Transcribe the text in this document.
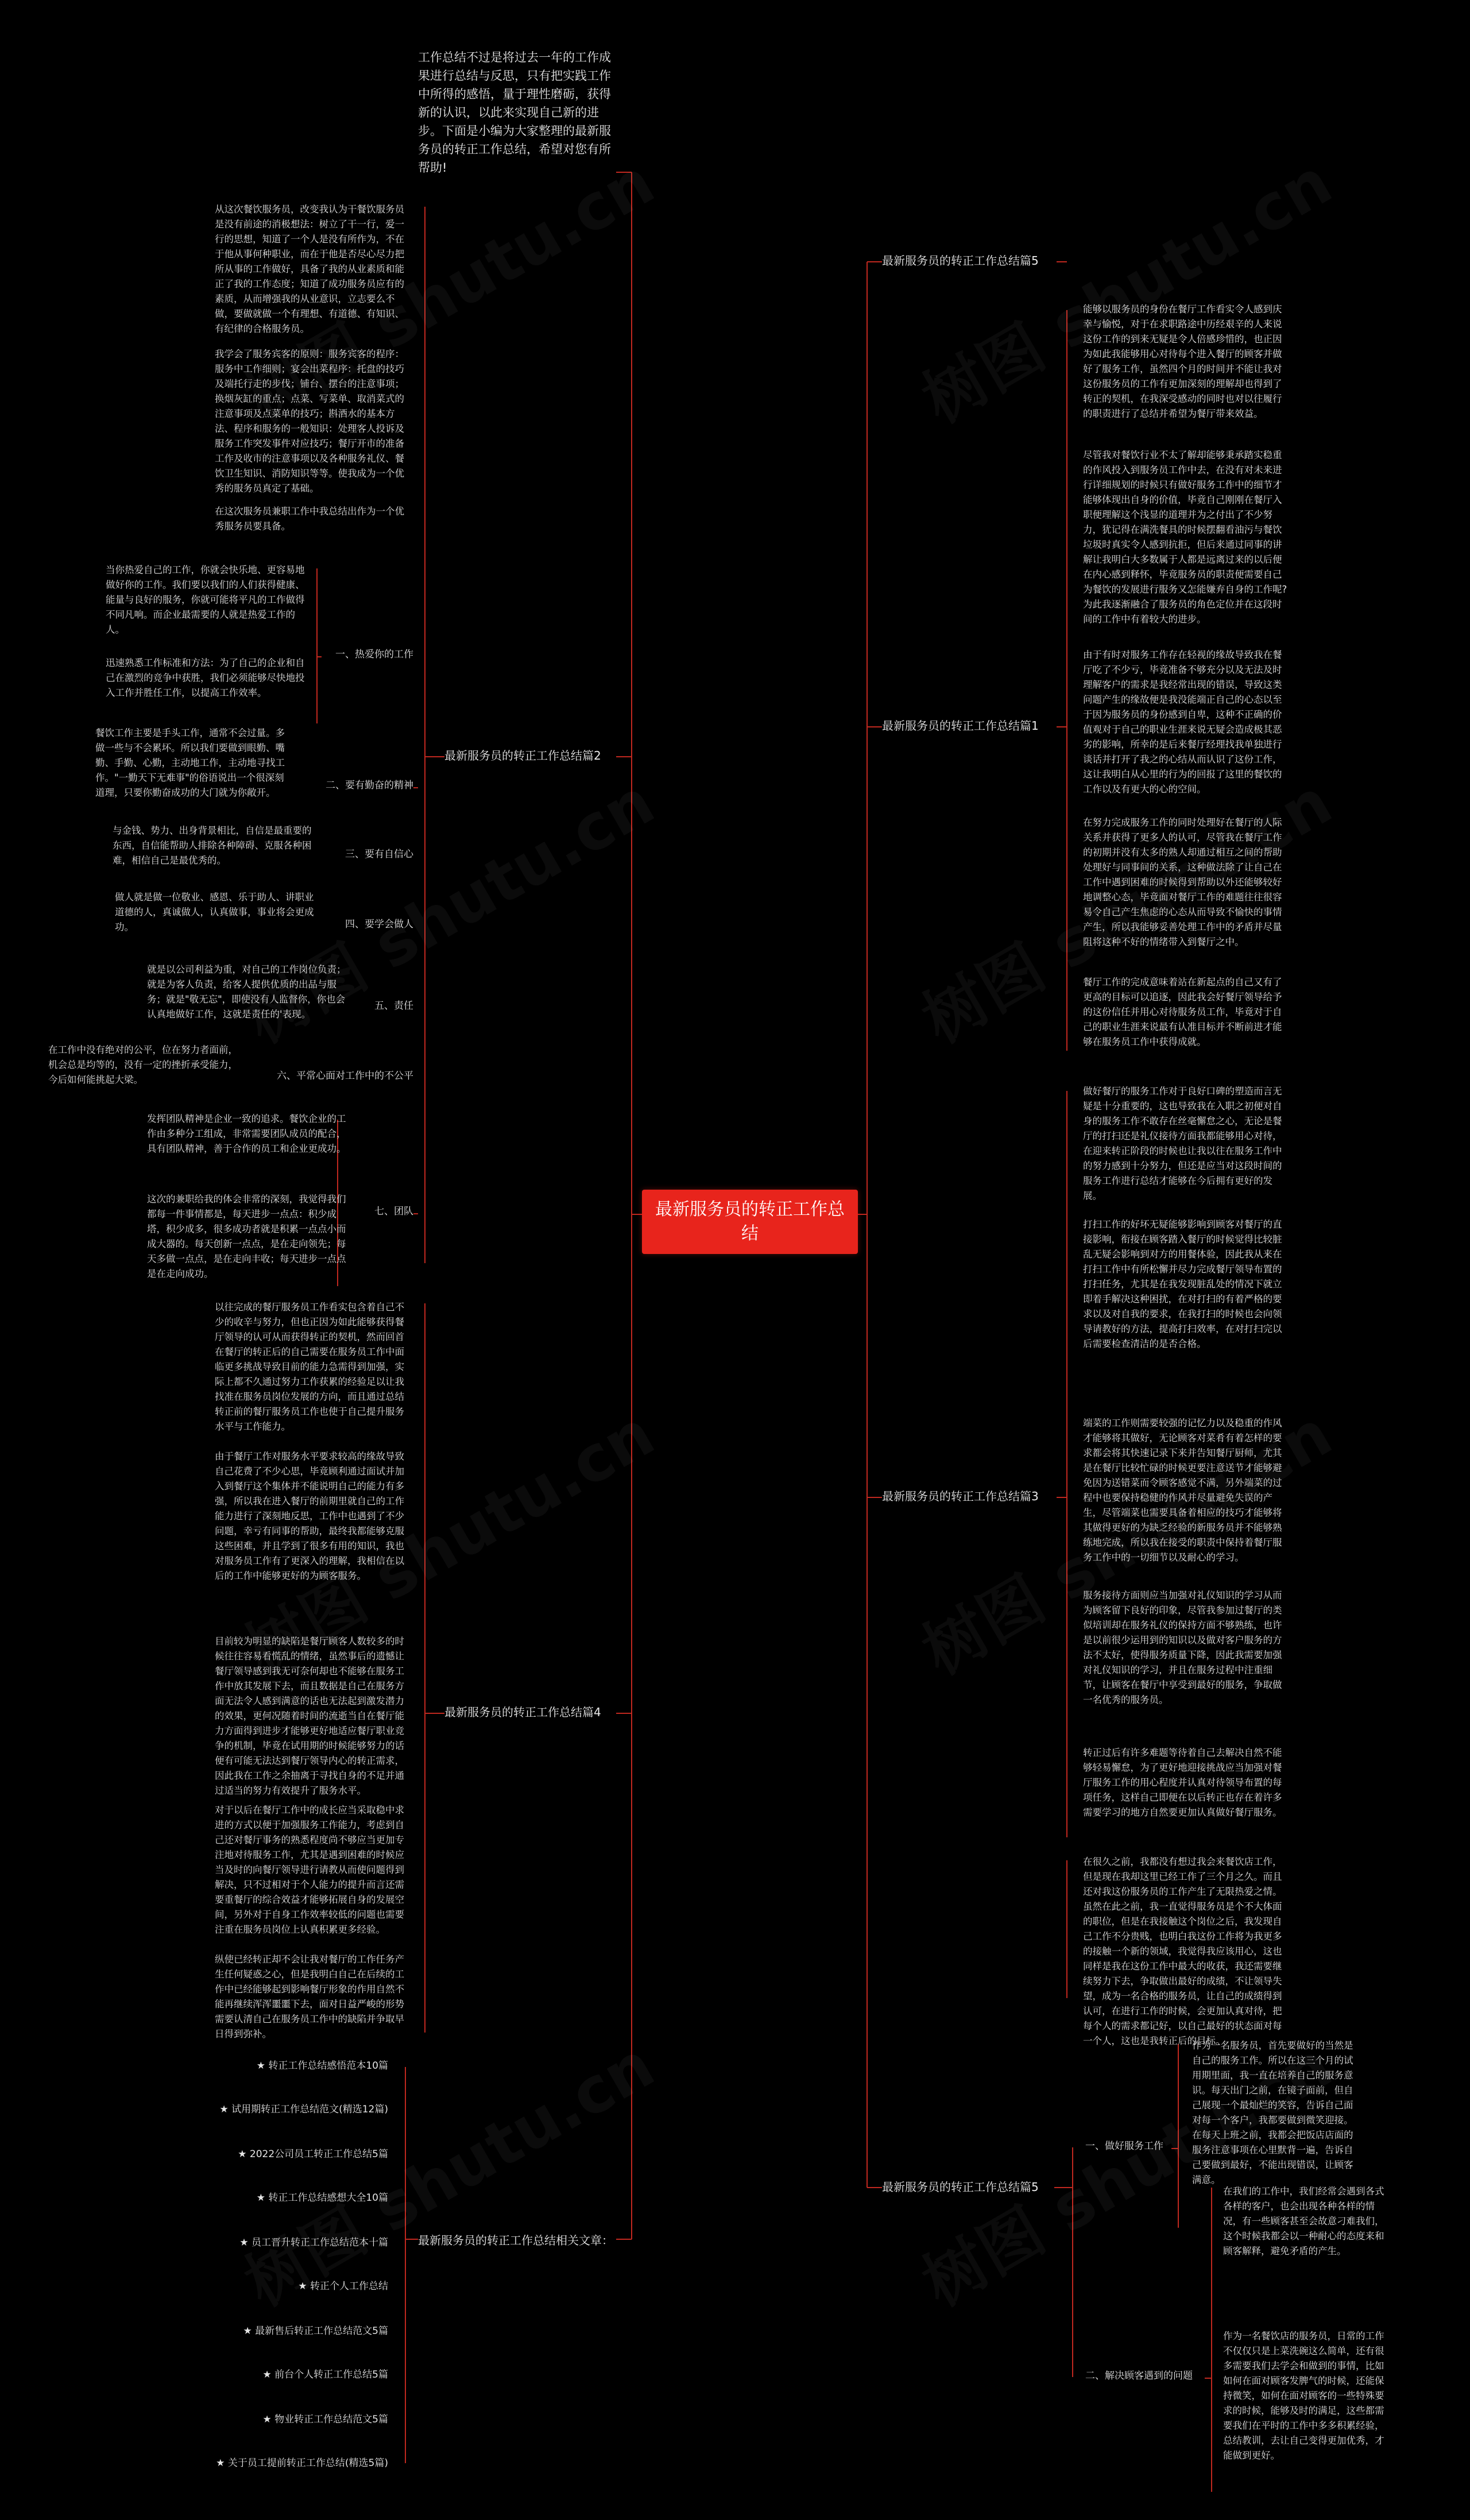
最新服务员的转正工作总结
工作总结不过是将过去一年的工作成果进行总结与反思，只有把实践工作中所得的感悟，量于理性磨砺，获得新的认识，以此来实现自己新的进步。下面是小编为大家整理的最新服务员的转正工作总结，希望对您有所帮助!
最新服务员的转正工作总结篇5
能够以服务员的身份在餐厅工作看实令人感到庆幸与愉悦，对于在求职路途中历经艰辛的人来说这份工作的到来无疑是令人倍感珍惜的，也正因为如此我能够用心对待每个进入餐厅的顾客并做好了服务工作，虽然四个月的时间并不能让我对这份服务员的工作有更加深刻的理解却也得到了转正的契机，在我深受感动的同时也对以往履行的职责进行了总结并希望为餐厅带来效益。
尽管我对餐饮行业不太了解却能够秉承踏实稳重的作风投入到服务员工作中去，在没有对未来进行详细规划的时候只有做好服务工作中的细节才能够体现出自身的价值，毕竟自己刚刚在餐厅入职便理解这个浅显的道理并为之付出了不少努力，犹记得在满洗餐具的时候摆翻看油污与餐饮垃圾时真实令人感到抗拒，但后来通过同事的讲解让我明白大多数属于人都是远离过来的以后便在内心感到释怀，毕竟服务员的职责便需要自己为餐饮的发展进行服务又怎能嫌弃自身的工作呢?为此我逐渐融合了服务员的角色定位并在这段时间的工作中有着较大的进步。
由于有时对服务工作存在轻视的缘故导致我在餐厅吃了不少亏，毕竟准备不够充分以及无法及时理解客户的需求是我经常出现的错误，导致这类问题产生的缘故便是我没能端正自己的心态以至于因为服务员的身份感到自卑，这种不正确的价值观对于自己的职业生涯来说无疑会造成极其恶劣的影响，所幸的是后来餐厅经理找我单独进行谈话并打开了我之的心结从而认识了这份工作，这让我明白从心里的行为的回报了这里的餐饮的工作以及有更大的心的空间。
在努力完成服务工作的同时处理好在餐厅的人际关系并获得了更多人的认可，尽管我在餐厅工作的初期并没有太多的熟人却通过相互之间的帮助处理好与同事间的关系，这种做法除了让自己在工作中遇到困难的时候得到帮助以外还能够较好地调整心态，毕竟面对餐厅工作的难题往往很容易令自己产生焦虑的心态从而导致不愉快的事情产生，所以我能够妥善处理工作中的矛盾并尽量阻将这种不好的情绪带入到餐厅之中。
餐厅工作的完成意味着站在新起点的自己又有了更高的目标可以追逐，因此我会好餐厅领导给予的这份信任并用心对待服务员工作，毕竟对于自己的职业生涯来说最有认准目标并不断前进才能够在服务员工作中获得成就。
最新服务员的转正工作总结篇1
做好餐厅的服务工作对于良好口碑的塑造而言无疑是十分重要的，这也导致我在入职之初便对自身的服务工作不敢存在丝毫懈怠之心，无论是餐厅的打扫还是礼仪接待方面我都能够用心对待，在迎来转正阶段的时候也让我以往在服务工作中的努力感到十分努力，但还是应当对这段时间的服务工作进行总结才能够在今后拥有更好的发展。
打扫工作的好坏无疑能够影响到顾客对餐厅的直接影响，衔接在顾客踏入餐厅的时候觉得比较脏乱无疑会影响到对方的用餐体验，因此我从来在打扫工作中有所松懈并尽力完成餐厅领导布置的打扫任务，尤其是在我发现脏乱处的情况下就立即着手解决这种困扰，在对打扫的有着严格的要求以及对自我的要求，在我打扫的时候也会向领导请教好的方法，提高打扫效率，在对打扫完以后需要检查清洁的是否合格。
端菜的工作则需要较强的记忆力以及稳重的作风才能够将其做好，无论顾客对菜肴有着怎样的要求都会将其快速记录下来并告知餐厅厨师，尤其是在餐厅比较忙碌的时候更要注意送节才能够避免因为送错菜而令顾客感觉不满，另外端菜的过程中也要保持稳健的作风并尽量避免失误的产生，尽管端菜也需要具备着相应的技巧才能够将其做得更好的为缺乏经验的新服务员并不能够熟练地完成，所以我在接受的职责中保持着餐厅服务工作中的一切细节以及耐心的学习。
服务接待方面则应当加强对礼仪知识的学习从而为顾客留下良好的印象，尽管我参加过餐厅的类似培训却在服务礼仪的保持方面不够熟练，也许是以前很少运用到的知识以及做对客户服务的方法不太好，使得服务质量下降，因此我需要加强对礼仪知识的学习，并且在服务过程中注重细节，让顾客在餐厅中享受到最好的服务，争取做一名优秀的服务员。
转正过后有许多难题等待着自己去解决自然不能够轻易懈怠，为了更好地迎接挑战应当加强对餐厅服务工作的用心程度并认真对待领导布置的每项任务，这样自己即便在以后转正也存在着许多需要学习的地方自然要更加认真做好餐厅服务。
最新服务员的转正工作总结篇3
在很久之前，我都没有想过我会来餐饮店工作，但是现在我却这里已经工作了三个月之久。而且还对我这份服务员的工作产生了无限热爱之情。虽然在此之前，我一直觉得服务员是个不大体面的职位，但是在我接触这个岗位之后，我发现自己工作不分贵贱，也明白我这份工作将为我更多的接触一个新的领域，我觉得我应该用心，这也同样是我在这份工作中最大的收获，我还需要继续努力下去，争取做出最好的成绩，不让领导失望，成为一名合格的服务员，让自己的成绩得到认可，在进行工作的时候，会更加认真对待，把每个人的需求都记好，以自己最好的状态面对每一个人，这也是我转正后的目标。
最新服务员的转正工作总结篇5
一、做好服务工作
作为一名服务员，首先要做好的当然是自己的服务工作。所以在这三个月的试用期里面，我一直在培养自己的服务意识。每天出门之前，在镜子面前，但自己展现一个最灿烂的笑容，告诉自己面对每一个客户，我都要做到微笑迎接。在每天上班之前，我都会把饭店店面的服务注意事项在心里默背一遍，告诉自己要做到最好，不能出现错误，让顾客满意。
二、解决顾客遇到的问题
在我们的工作中，我们经常会遇到各式各样的客户，也会出现各种各样的情况，有一些顾客甚至会故意刁难我们，这个时候我都会以一种耐心的态度来和顾客解释，避免矛盾的产生。
作为一名餐饮店的服务员，日常的工作不仅仅只是上菜洗碗这么简单，还有很多需要我们去学会和做到的事情，比如如何在面对顾客发脾气的时候，还能保持微笑，如何在面对顾客的一些特殊要求的时候，能够及时的满足，这些都需要我们在平时的工作中多多积累经验，总结教训，去让自己变得更加优秀，才能做到更好。
最新服务员的转正工作总结篇2
从这次餐饮服务员，改变我认为干餐饮服务员是没有前途的消极想法：树立了干一行，爱一行的思想，知道了一个人是没有所作为，不在于他从事何种职业，而在于他是否尽心尽力把所从事的工作做好，具备了我的从业素质和能正了我的工作态度；知道了成功服务员应有的素质，从而增强我的从业意识，立志要么不做，要做就做一个有理想、有道德、有知识、有纪律的合格服务员。
我学会了服务宾客的原则：服务宾客的程序：服务中工作细则；宴会出菜程序：托盘的技巧及端托行走的步伐；铺台、摆台的注意事项；换烟灰缸的重点；点菜、写菜单、取消菜式的注意事项及点菜单的技巧；斟酒水的基本方法、程序和服务的一般知识：处理客人投诉及服务工作突发事件对应技巧；餐厅开市的准备工作及收市的注意事项以及各种服务礼仪、餐饮卫生知识、消防知识等等。使我成为一个优秀的服务员真定了基础。
在这次服务员兼职工作中我总结出作为一个优秀服务员要具备。
一、热爱你的工作
当你热爱自己的工作，你就会快乐地、更容易地做好你的工作。我们要以我们的人们获得健康、能量与良好的服务，你就可能将平凡的工作做得不同凡响。而企业最需要的人就是热爱工作的人。
迅速熟悉工作标准和方法：为了自己的企业和自己在激烈的竞争中获胜，我们必须能够尽快地投入工作并胜任工作，以提高工作效率。
二、要有勤奋的精神
餐饮工作主要是手头工作，通常不会过量。多做一些与不会累坏。所以我们要做到眼勤、嘴勤、手勤、心勤，主动地工作，主动地寻找工作。"一勤天下无难事"的俗语说出一个很深刻道理，只要你勤奋成功的大门就为你敞开。
三、要有自信心
与金钱、势力、出身背景相比，自信是最重要的东西，自信能帮助人排除各种障碍、克服各种困难，相信自己是最优秀的。
四、要学会做人
做人就是做一位敬业、感恩、乐于助人、讲职业道德的人，真诚做人，认真做事，事业将会更成功。
五、责任
就是以公司利益为重，对自己的工作岗位负责；就是为客人负责，给客人提供优质的出品与服务；就是"敬无忘"，即使没有人监督你，你也会认真地做好工作，这就是责任的'表现。
六、平常心面对工作中的不公平
在工作中没有绝对的公平，位在努力者面前，机会总是均等的，没有一定的挫折承受能力，今后如何能挑起大梁。
七、团队
发挥团队精神是企业一致的追求。餐饮企业的工作由多种分工组成，非常需要团队成员的配合，具有团队精神，善于合作的员工和企业更成功。
这次的兼职给我的体会非常的深刻，我觉得我们都每一件事情都是，每天进步一点点：积少成塔，积少成多，很多成功者就是积累一点点小而成大器的。每天创新一点点，是在走向领先；每天多做一点点，是在走向丰收；每天进步一点点是在走向成功。
最新服务员的转正工作总结篇4
以往完成的餐厅服务员工作看实包含着自己不少的收辛与努力，但也正因为如此能够获得餐厅领导的认可从而获得转正的契机，然而回首在餐厅的转正后的自己需要在服务员工作中面临更多挑战导致目前的能力急需得到加强，实际上都不久通过努力工作获累的经验足以让我找准在服务员岗位发展的方向，而且通过总结转正前的餐厅服务员工作也使于自己提升服务水平与工作能力。
由于餐厅工作对服务水平要求较高的缘故导致自己花费了不少心思，毕竟顾利通过面试并加入到餐厅这个集体并不能说明自己的能力有多强，所以我在进入餐厅的前期里就自己的工作能力进行了深刻地反思，工作中也遇到了不少问题，幸亏有同事的帮助，最终我都能够克服这些困难，并且学到了很多有用的知识，我也对服务员工作有了更深入的理解，我相信在以后的工作中能够更好的为顾客服务。
目前较为明显的缺陷是餐厅顾客人数较多的时候往往容易看慌乱的情绪，虽然事后的遗憾让餐厅领导感到我无可奈何却也不能够在服务工作中放其发展下去，而且数据是自己在服务方面无法令人感到满意的话也无法起到激发潜力的效果，更何况随着时间的流逝当自在餐厅能力方面得到进步才能够更好地适应餐厅职业竞争的机制，毕竟在试用期的时候能够努力的话便有可能无法达到餐厅领导内心的转正需求，因此我在工作之余抽离于寻找自身的不足并通过适当的努力有效提升了服务水平。
对于以后在餐厅工作中的成长应当采取稳中求进的方式以便于加强服务工作能力，考虑到自己还对餐厅事务的熟悉程度尚不够应当更加专注地对待服务工作，尤其是遇到困难的时候应当及时的向餐厅领导进行请教从而使问题得到解决，只不过相对于个人能力的提升而言还需要重餐厅的综合效益才能够拓展自身的发展空间，另外对于自身工作效率较低的问题也需要注重在服务员岗位上认真积累更多经验。
纵使已经转正却不会让我对餐厅的工作任务产生任何疑惑之心，但是我明白自己在后续的工作中已经能够起到影响餐厅形象的作用自然不能再继续浑浑噩噩下去，面对日益严峻的形势需要认清自己在服务员工作中的缺陷并争取早日得到弥补。
最新服务员的转正工作总结相关文章：
★ 转正工作总结感悟范本10篇
★ 试用期转正工作总结范文(精选12篇)
★ 2022公司员工转正工作总结5篇
★ 转正工作总结感想大全10篇
★ 员工晋升转正工作总结范本十篇
★ 转正个人工作总结
★ 最新售后转正工作总结范文5篇
★ 前台个人转正工作总结5篇
★ 物业转正工作总结范文5篇
★ 关于员工提前转正工作总结(精选5篇)
